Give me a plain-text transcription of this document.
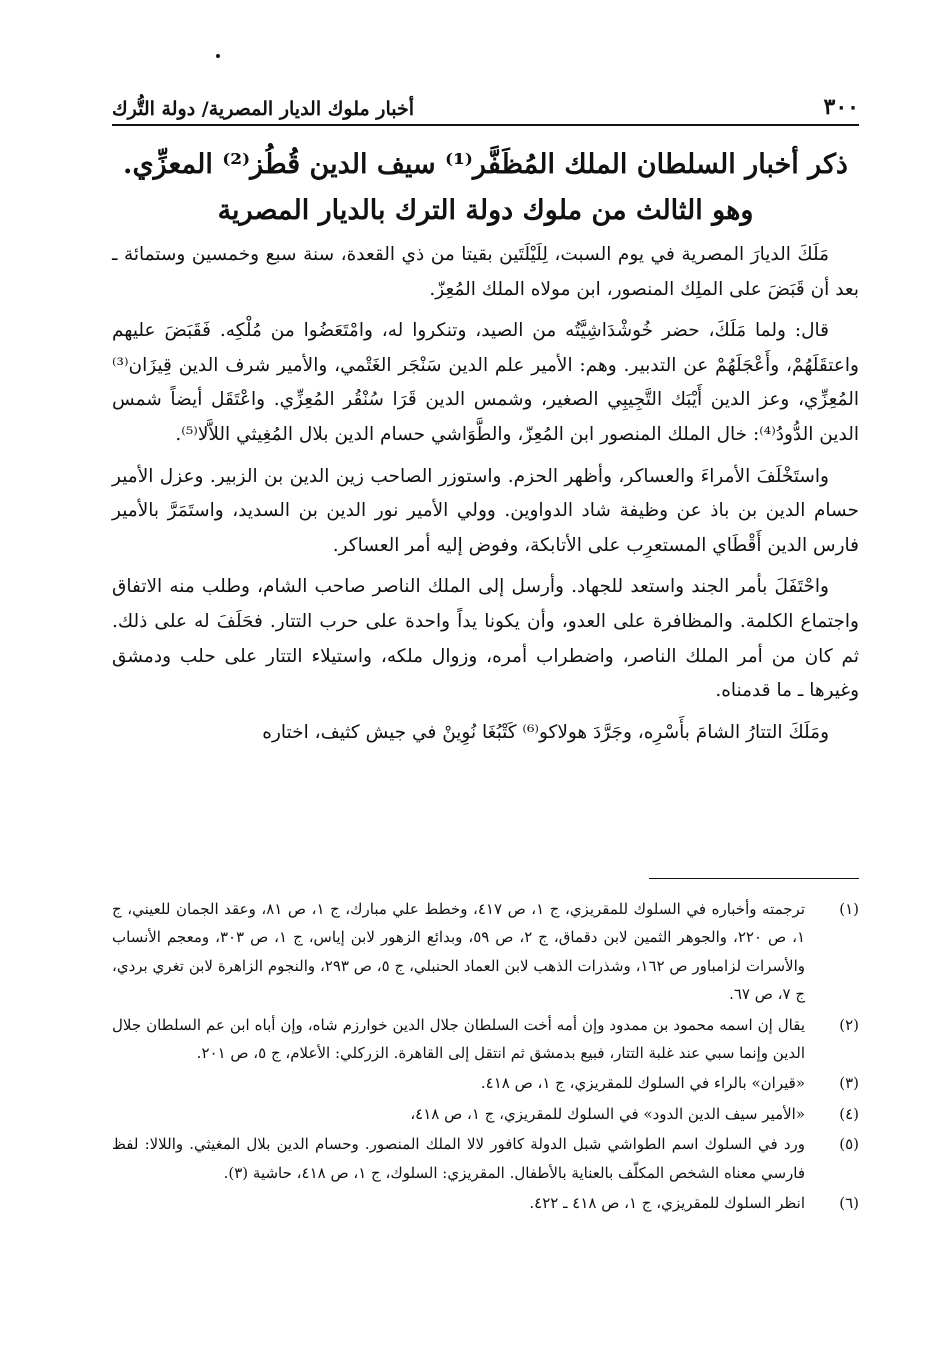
٣٠٠
أخبار ملوك الديار المصرية/ دولة التُّرك
ذكر أخبار السلطان الملك المُظَفَّر⁽¹⁾ سيف الدين قُطُز⁽²⁾ المعزِّي.
وهو الثالث من ملوك دولة الترك بالديار المصرية

مَلَكَ الديارَ المصرية في يوم السبت، لِلَيْلَتَين بقيتا من ذي القعدة، سنة سبع وخمسين وستمائة ـ بعد أن قَبَضَ على الملِك المنصور، ابن مولاه الملك المُعِزّ.

قال: ولما مَلَكَ، حضر خُوشْدَاشِيَّتُه من الصيد، وتنكروا له، وامْتَعَضُوا من مُلْكِه. فَقَبَضَ عليهم واعتقَلَهُمْ، وأَعْجَلَهُمْ عن التدبير. وهم: الأمير علم الدين سَنْجَر الغَتْمي، والأمير شرف الدين قِيزَان⁽³⁾ المُعِزِّي، وعز الدين أَيْبَك التَّجِيبِي الصغير، وشمس الدين قَرَا سُنْقُر المُعِزِّي. واعْتَقَل أيضاً شمس الدين الدُّودُ⁽⁴⁾: خال الملك المنصور ابن المُعِزّ، والطَّوَاشي حسام الدين بلال المُغِيثي اللاَّلا⁽⁵⁾.

واستَخْلَفَ الأمراءَ والعساكر، وأظهر الحزم. واستوزر الصاحب زين الدين بن الزبير. وعزل الأمير حسام الدين بن باذ عن وظيفة شاد الدواوين. وولي الأمير نور الدين بن السديد، واستَمَرَّ بالأمير فارس الدين أَقْطَاي المستعرِب على الأتابكة، وفوض إليه أمر العساكر.

واحْتَفَلَ بأمر الجند واستعد للجهاد. وأرسل إلى الملك الناصر صاحب الشام، وطلب منه الاتفاق واجتماع الكلمة. والمظافرة على العدو، وأن يكونا يداً واحدة على حرب التتار. فحَلَفَ له على ذلك. ثم كان من أمر الملك الناصر، واضطراب أمره، وزوال ملكه، واستيلاء التتار على حلب ودمشق وغيرها ـ ما قدمناه.

ومَلَكَ التتارُ الشامَ بأَسْرِه، وجَرَّدَ هولاكو⁽⁶⁾ كَتْبُغَا نُوِينْ في جيش كثيف، اختاره

(١)
ترجمته وأخباره في السلوك للمقريزي، ج ١، ص ٤١٧، وخطط علي مبارك، ج ١، ص ٨١، وعقد الجمان للعيني، ج ١، ص ٢٢٠، والجوهر الثمين لابن دقماق، ج ٢، ص ٥٩، وبدائع الزهور لابن إياس، ج ١، ص ٣٠٣، ومعجم الأنساب والأسرات لزامباور ص ١٦٢، وشذرات الذهب لابن العماد الحنبلي، ج ٥، ص ٢٩٣، والنجوم الزاهرة لابن تغري بردي، ج ٧، ص ٦٧.
(٢)
يقال إن اسمه محمود بن ممدود وإن أمه أخت السلطان جلال الدين خوارزم شاه، وإن أباه ابن عم السلطان جلال الدين وإنما سبي عند غلبة التتار، فبيع بدمشق ثم انتقل إلى القاهرة. الزركلي: الأعلام، ج ٥، ص ٢٠١.
(٣)
«قيران» بالراء في السلوك للمقريزي، ج ١، ص ٤١٨.
(٤)
«الأمير سيف الدين الدود» في السلوك للمقريزي، ج ١، ص ٤١٨،
(٥)
ورد في السلوك اسم الطواشي شبل الدولة كافور لالا الملك المنصور. وحسام الدين بلال المغيثي. واللالا: لفظ فارسي معناه الشخص المكلّف بالعناية بالأطفال. المقريزي: السلوك، ج ١، ص ٤١٨، حاشية (٣).
(٦)
انظر السلوك للمقريزي، ج ١، ص ٤١٨ ـ ٤٢٢.
